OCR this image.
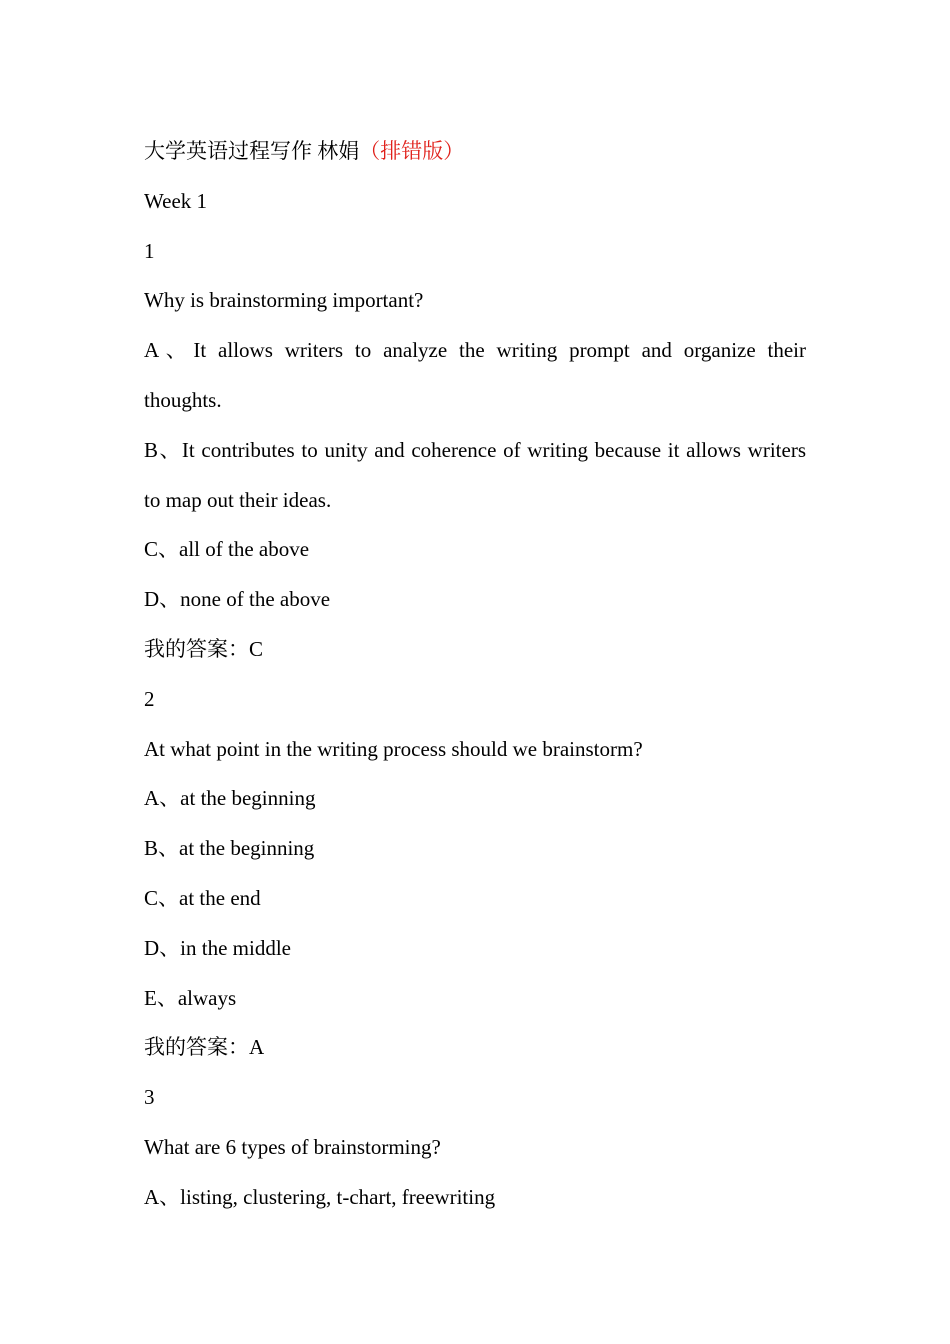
大学英语过程写作 林娟（排错版）
Week 1
1
Why is brainstorming important?
A、It allows writers to analyze the writing prompt and organize their thoughts.
B、It contributes to unity and coherence of writing because it allows writers to map out their ideas.
C、all of the above
D、none of the above
我的答案：C
2
At what point in the writing process should we brainstorm?
A、at the beginning
B、at the beginning
C、at the end
D、in the middle
E、always
我的答案：A
3
What are 6 types of brainstorming?
A、listing, clustering, t-chart, freewriting
